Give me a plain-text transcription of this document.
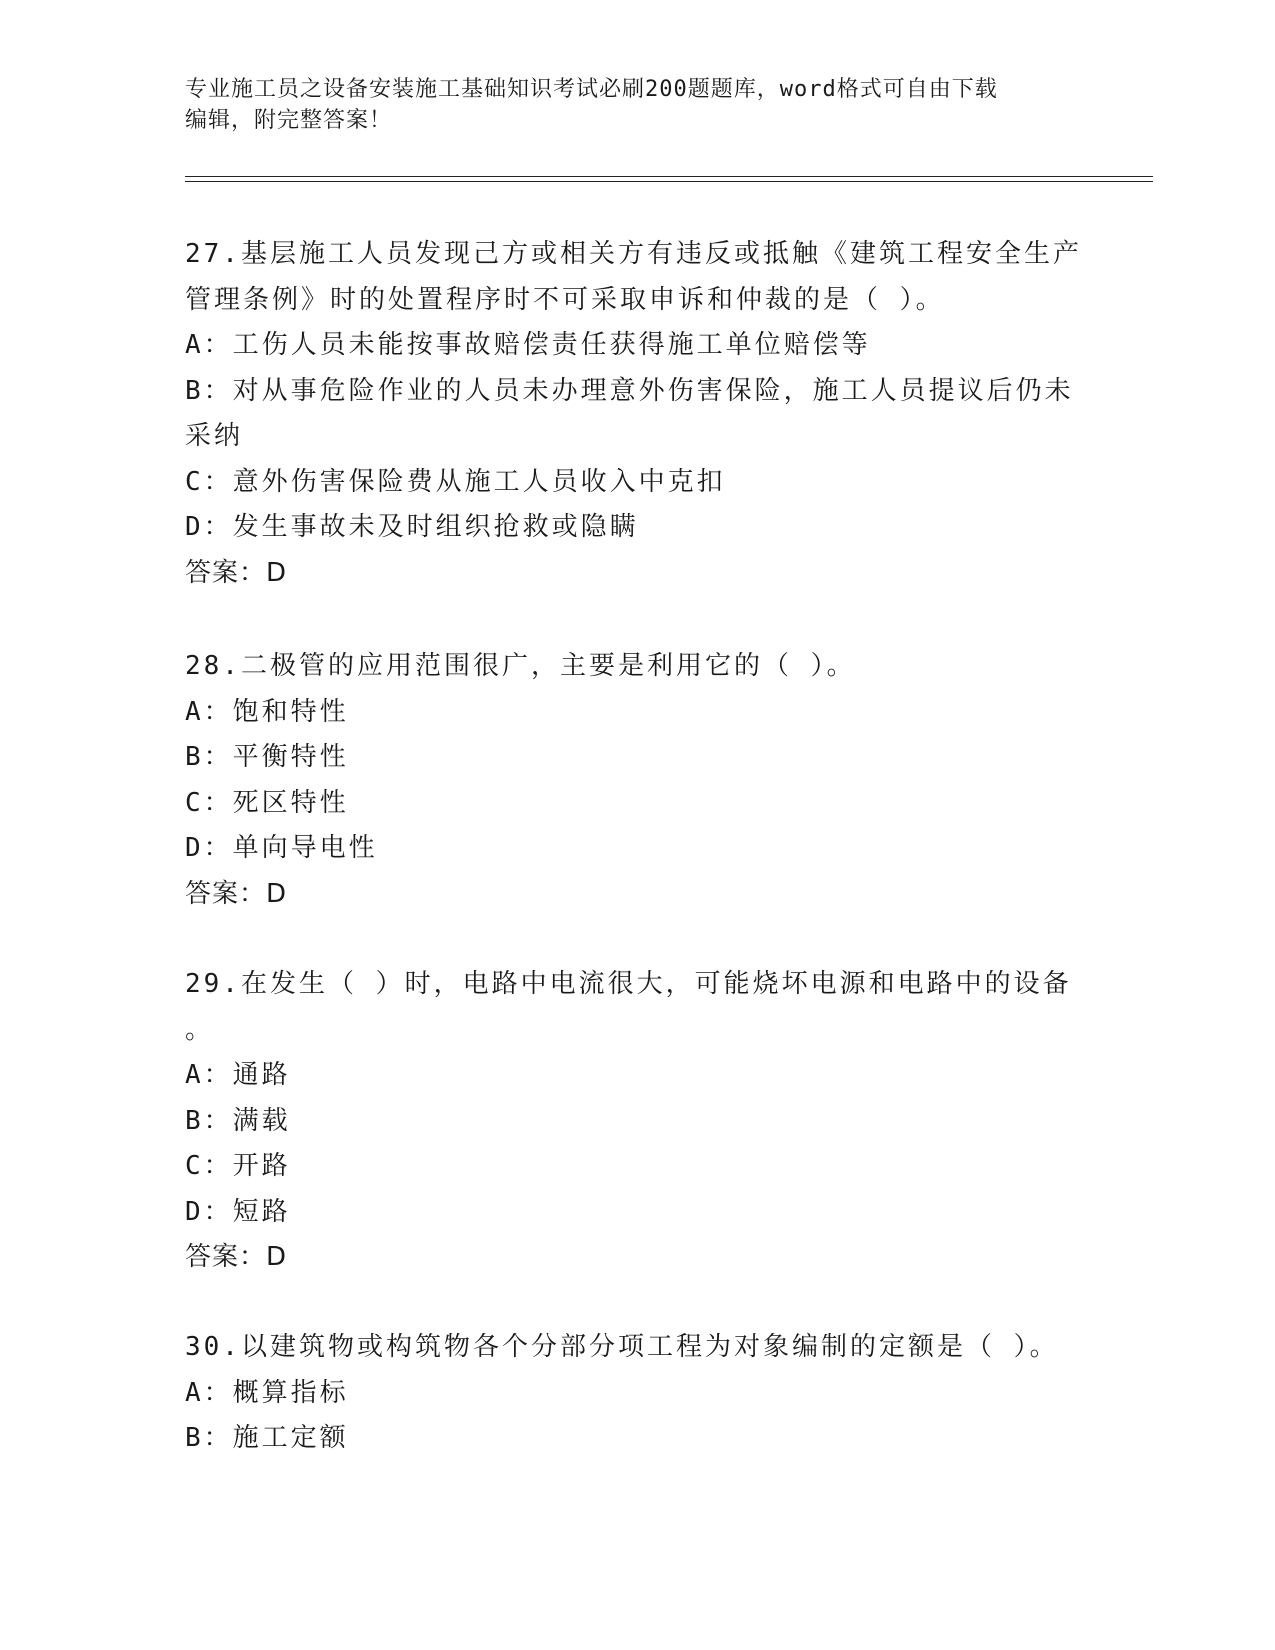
专业施工员之设备安装施工基础知识考试必刷200题题库，word格式可自由下载
编辑，附完整答案！
27.基层施工人员发现己方或相关方有违反或抵触《建筑工程安全生产
管理条例》时的处置程序时不可采取申诉和仲裁的是（ ）。
A：工伤人员未能按事故赔偿责任获得施工单位赔偿等
B：对从事危险作业的人员未办理意外伤害保险，施工人员提议后仍未
采纳
C：意外伤害保险费从施工人员收入中克扣
D：发生事故未及时组织抢救或隐瞒
答案：D
28.二极管的应用范围很广，主要是利用它的（ ）。
A：饱和特性
B：平衡特性
C：死区特性
D：单向导电性
答案：D
29.在发生（ ）时，电路中电流很大，可能烧坏电源和电路中的设备
。
A：通路
B：满载
C：开路
D：短路
答案：D
30.以建筑物或构筑物各个分部分项工程为对象编制的定额是（ ）。
A：概算指标
B：施工定额
